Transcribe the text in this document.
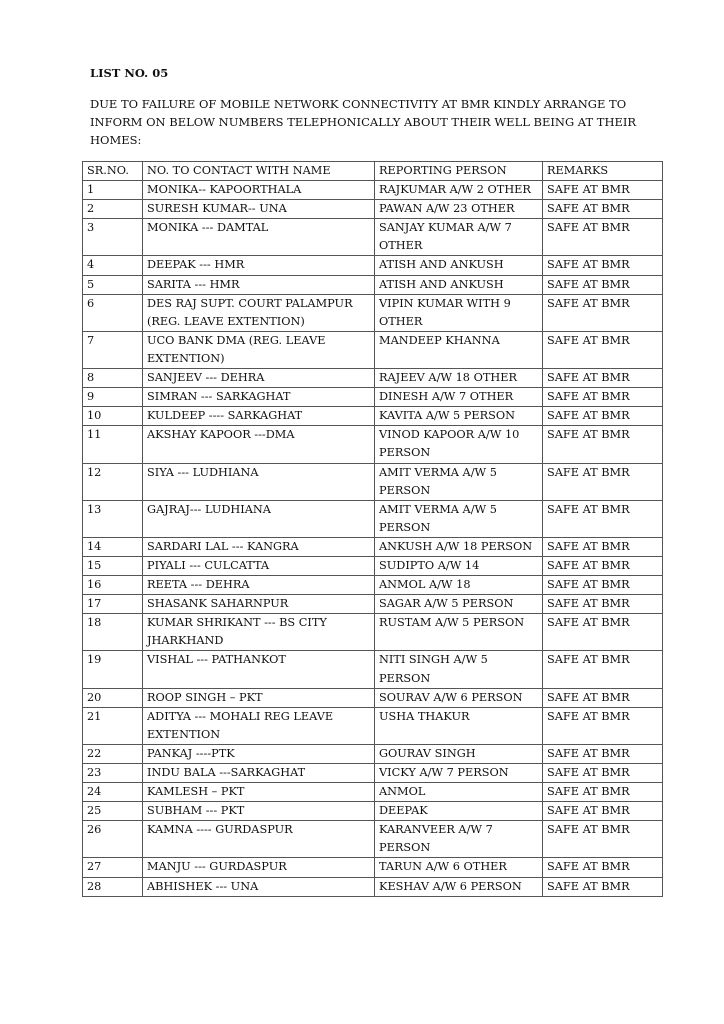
LIST NO. 05
DUE TO FAILURE OF MOBILE NETWORK CONNECTIVITY AT BMR KINDLY ARRANGE TO INFORM ON BELOW NUMBERS TELEPHONICALLY ABOUT THEIR WELL BEING AT THEIR HOMES:
SR.NO.	NO. TO CONTACT WITH NAME	REPORTING PERSON	REMARKS
1	MONIKA-- KAPOORTHALA	RAJKUMAR A/W 2 OTHER	SAFE AT BMR
2	SURESH KUMAR-- UNA	PAWAN A/W 23 OTHER	SAFE AT BMR
3	MONIKA --- DAMTAL	SANJAY KUMAR A/W 7 OTHER	SAFE AT BMR
4	DEEPAK --- HMR	ATISH AND ANKUSH	SAFE AT BMR
5	SARITA --- HMR	ATISH AND ANKUSH	SAFE AT BMR
6	DES RAJ SUPT. COURT PALAMPUR (REG. LEAVE EXTENTION)	VIPIN KUMAR WITH 9 OTHER	SAFE AT BMR
7	UCO BANK DMA (REG. LEAVE EXTENTION)	MANDEEP KHANNA	SAFE AT BMR
8	SANJEEV --- DEHRA	RAJEEV A/W 18 OTHER	SAFE AT BMR
9	SIMRAN --- SARKAGHAT	DINESH A/W 7 OTHER	SAFE AT BMR
10	KULDEEP ---- SARKAGHAT	KAVITA A/W 5 PERSON	SAFE AT BMR
11	AKSHAY KAPOOR ---DMA	VINOD KAPOOR A/W 10 PERSON	SAFE AT BMR
12	SIYA --- LUDHIANA	AMIT VERMA A/W 5 PERSON	SAFE AT BMR
13	GAJRAJ--- LUDHIANA	AMIT VERMA A/W 5 PERSON	SAFE AT BMR
14	SARDARI LAL --- KANGRA	ANKUSH A/W 18 PERSON	SAFE AT BMR
15	PIYALI --- CULCATTA	SUDIPTO A/W 14	SAFE AT BMR
16	REETA --- DEHRA	ANMOL A/W 18	SAFE AT BMR
17	SHASANK SAHARNPUR	SAGAR A/W 5 PERSON	SAFE AT BMR
18	KUMAR SHRIKANT --- BS CITY JHARKHAND	RUSTAM A/W 5 PERSON	SAFE AT BMR
19	VISHAL --- PATHANKOT	NITI SINGH A/W 5 PERSON	SAFE AT BMR
20	ROOP SINGH – PKT	SOURAV A/W 6 PERSON	SAFE AT BMR
21	ADITYA --- MOHALI REG LEAVE EXTENTION	USHA THAKUR	SAFE AT BMR
22	PANKAJ ----PTK	GOURAV SINGH	SAFE AT BMR
23	INDU BALA ---SARKAGHAT	VICKY A/W 7 PERSON	SAFE AT BMR
24	KAMLESH – PKT	ANMOL	SAFE AT BMR
25	SUBHAM --- PKT	DEEPAK	SAFE AT BMR
26	KAMNA ---- GURDASPUR	KARANVEER A/W 7 PERSON	SAFE AT BMR
27	MANJU --- GURDASPUR	TARUN A/W 6 OTHER	SAFE AT BMR
28	ABHISHEK --- UNA	KESHAV A/W 6 PERSON	SAFE AT BMR
